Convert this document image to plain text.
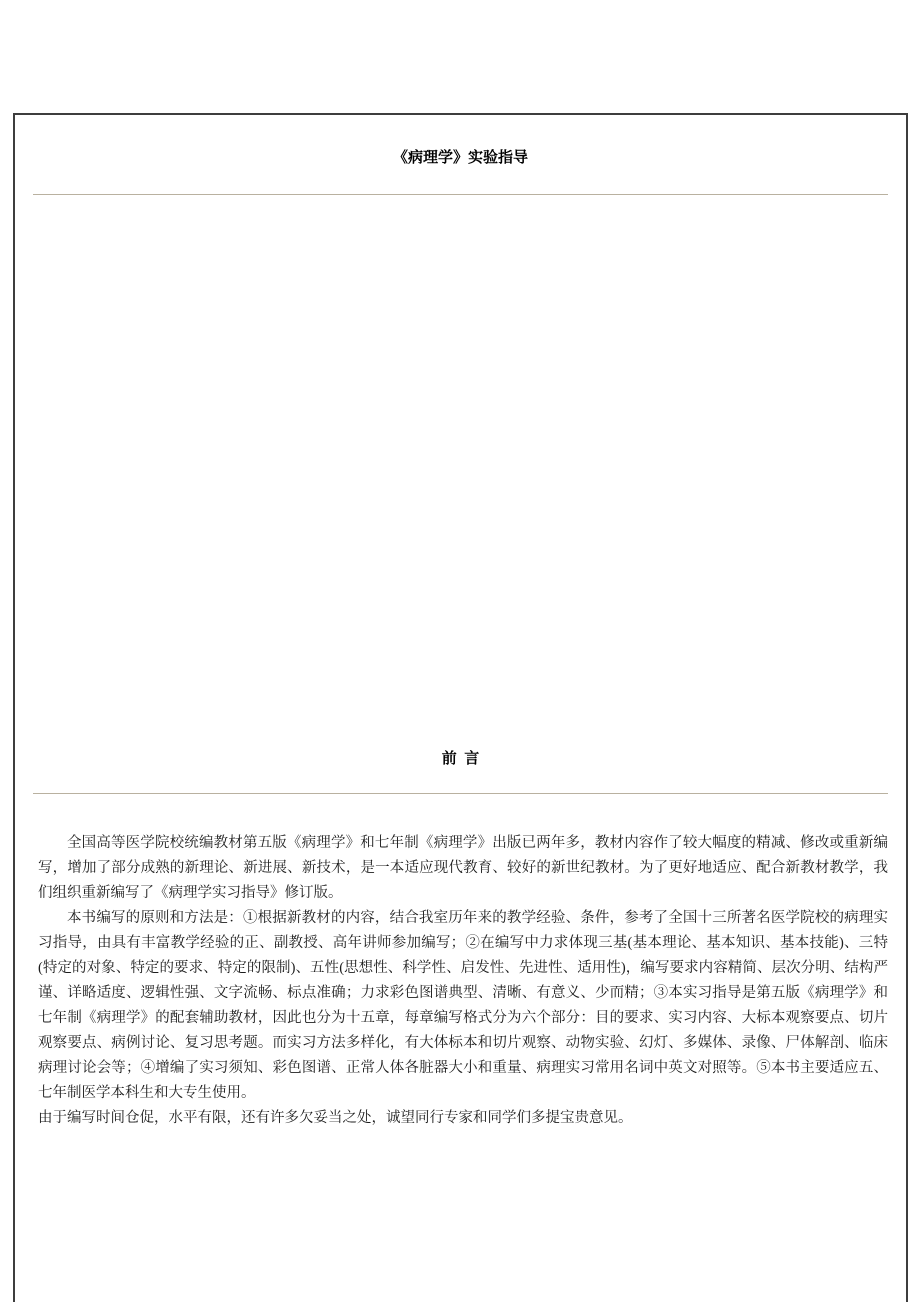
《病理学》实验指导
前  言

全国高等医学院校统编教材第五版《病理学》和七年制《病理学》出版已两年多，教材内容作了较大幅度的精减、修改或重新编写，增加了部分成熟的新理论、新进展、新技术，是一本适应现代教育、较好的新世纪教材。为了更好地适应、配合新教材教学，我们组织重新编写了《病理学实习指导》修订版。

本书编写的原则和方法是：①根据新教材的内容，结合我室历年来的教学经验、条件，参考了全国十三所著名医学院校的病理实习指导，由具有丰富教学经验的正、副教授、高年讲师参加编写；②在编写中力求体现三基(基本理论、基本知识、基本技能)、三特(特定的对象、特定的要求、特定的限制)、五性(思想性、科学性、启发性、先进性、适用性)，编写要求内容精简、层次分明、结构严谨、详略适度、逻辑性强、文字流畅、标点准确；力求彩色图谱典型、清晰、有意义、少而精；③本实习指导是第五版《病理学》和七年制《病理学》的配套辅助教材，因此也分为十五章，每章编写格式分为六个部分：目的要求、实习内容、大标本观察要点、切片观察要点、病例讨论、复习思考题。而实习方法多样化，有大体标本和切片观察、动物实验、幻灯、多媒体、录像、尸体解剖、临床病理讨论会等；④增编了实习须知、彩色图谱、正常人体各脏器大小和重量、病理实习常用名词中英文对照等。⑤本书主要适应五、七年制医学本科生和大专生使用。

由于编写时间仓促，水平有限，还有许多欠妥当之处，诚望同行专家和同学们多提宝贵意见。
